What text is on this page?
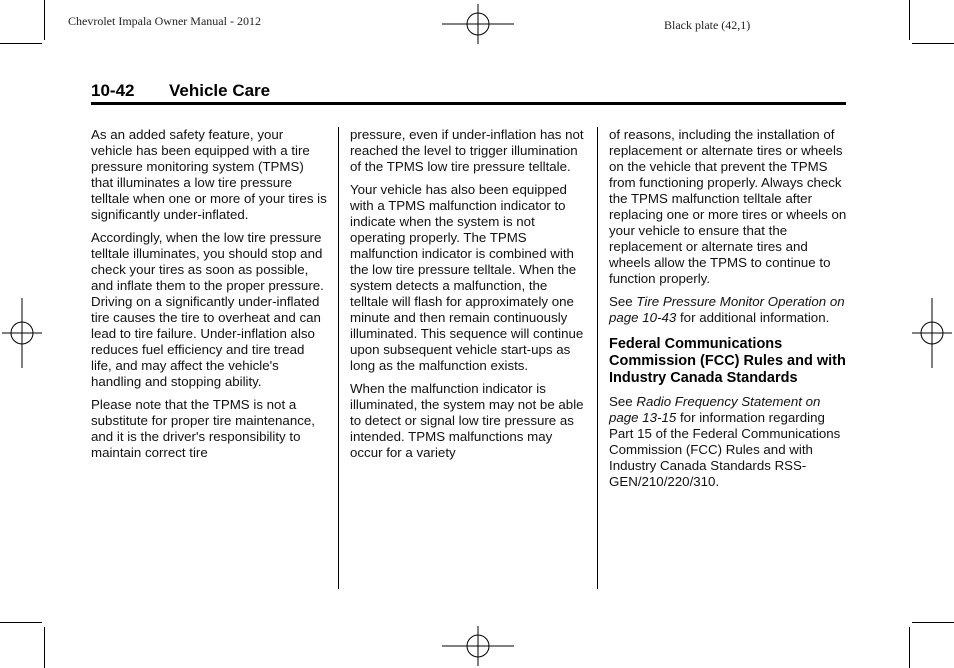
Chevrolet Impala Owner Manual - 2012	Black plate (42,1)
10-42 Vehicle Care

As an added safety feature, your vehicle has been equipped with a tire pressure monitoring system (TPMS) that illuminates a low tire pressure telltale when one or more of your tires is significantly under-inflated.

Accordingly, when the low tire pressure telltale illuminates, you should stop and check your tires as soon as possible, and inflate them to the proper pressure. Driving on a significantly under-inflated tire causes the tire to overheat and can lead to tire failure. Under-inflation also reduces fuel efficiency and tire tread life, and may affect the vehicle's handling and stopping ability.

Please note that the TPMS is not a substitute for proper tire maintenance, and it is the driver's responsibility to maintain correct tire

pressure, even if under-inflation has not reached the level to trigger illumination of the TPMS low tire pressure telltale.

Your vehicle has also been equipped with a TPMS malfunction indicator to indicate when the system is not operating properly. The TPMS malfunction indicator is combined with the low tire pressure telltale. When the system detects a malfunction, the telltale will flash for approximately one minute and then remain continuously illuminated. This sequence will continue upon subsequent vehicle start-ups as long as the malfunction exists.

When the malfunction indicator is illuminated, the system may not be able to detect or signal low tire pressure as intended. TPMS malfunctions may occur for a variety

of reasons, including the installation of replacement or alternate tires or wheels on the vehicle that prevent the TPMS from functioning properly. Always check the TPMS malfunction telltale after replacing one or more tires or wheels on your vehicle to ensure that the replacement or alternate tires and wheels allow the TPMS to continue to function properly.

See Tire Pressure Monitor Operation on page 10-43 for additional information.

Federal Communications Commission (FCC) Rules and with Industry Canada Standards

See Radio Frequency Statement on page 13-15 for information regarding Part 15 of the Federal Communications Commission (FCC) Rules and with Industry Canada Standards RSS-GEN/210/220/310.
